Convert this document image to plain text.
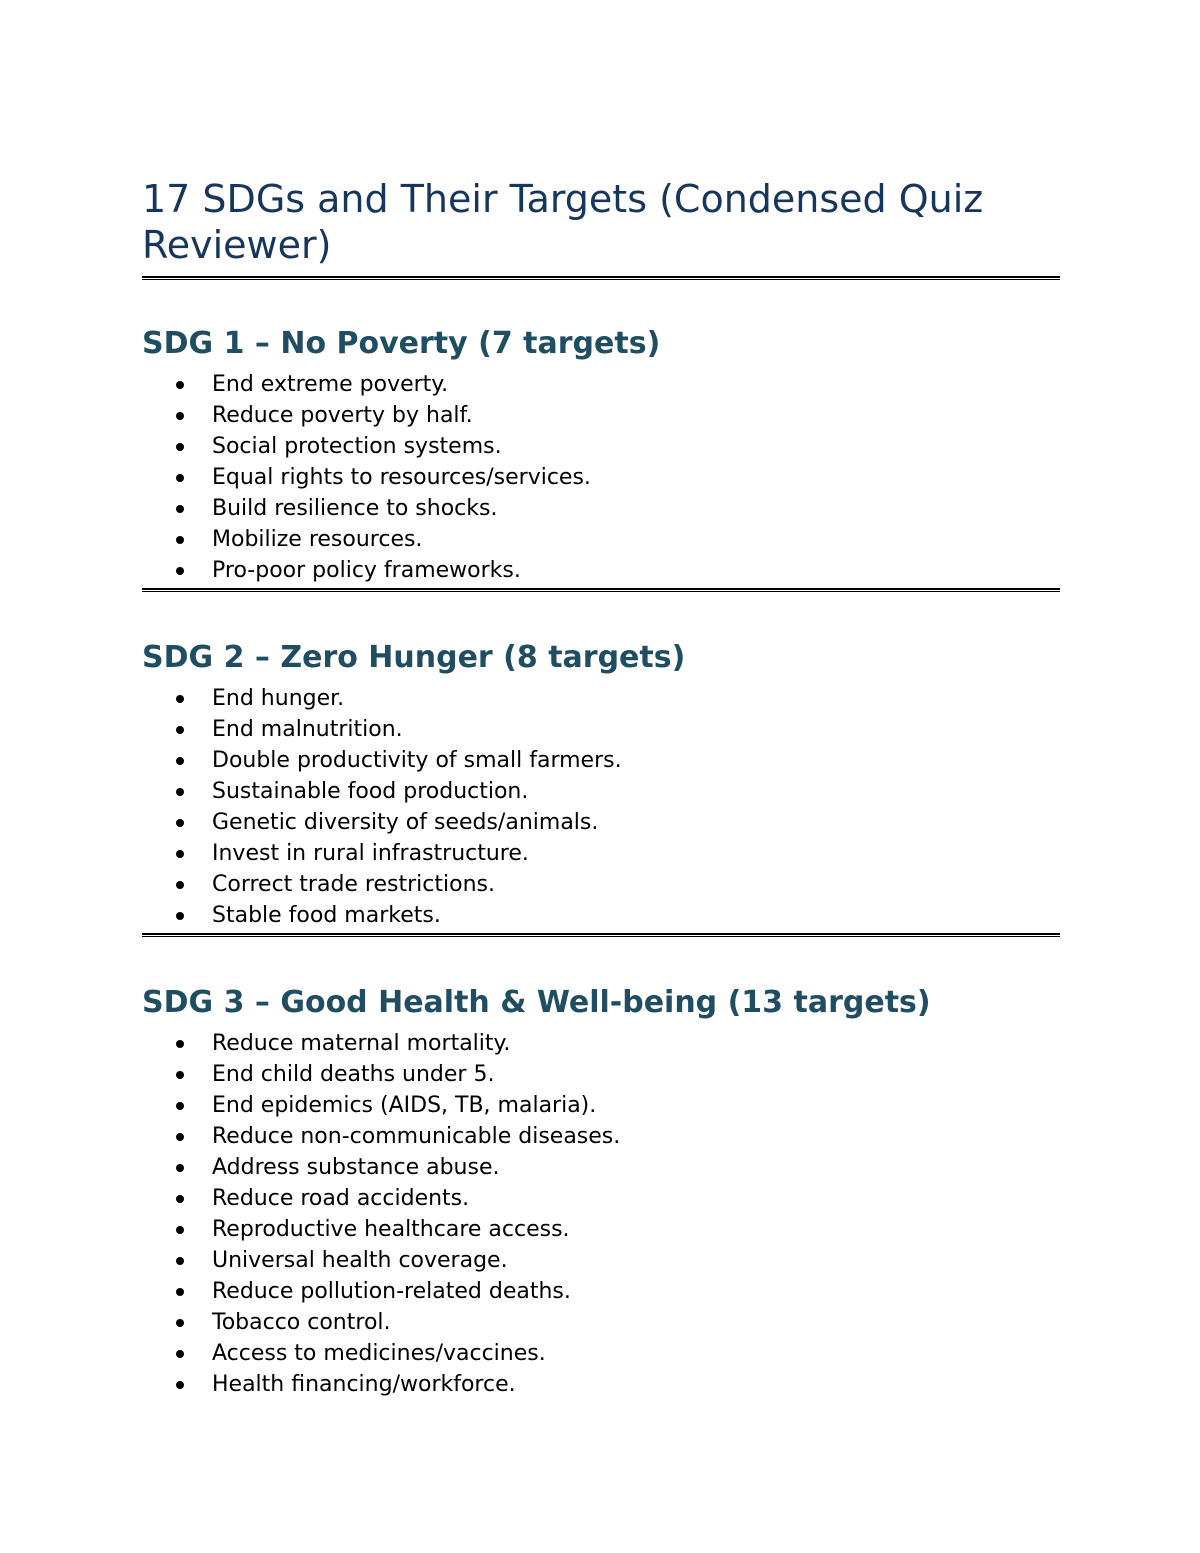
17 SDGs and Their Targets (Condensed Quiz Reviewer)
SDG 1 – No Poverty (7 targets)
End extreme poverty.
Reduce poverty by half.
Social protection systems.
Equal rights to resources/services.
Build resilience to shocks.
Mobilize resources.
Pro-poor policy frameworks.
SDG 2 – Zero Hunger (8 targets)
End hunger.
End malnutrition.
Double productivity of small farmers.
Sustainable food production.
Genetic diversity of seeds/animals.
Invest in rural infrastructure.
Correct trade restrictions.
Stable food markets.
SDG 3 – Good Health & Well-being (13 targets)
Reduce maternal mortality.
End child deaths under 5.
End epidemics (AIDS, TB, malaria).
Reduce non-communicable diseases.
Address substance abuse.
Reduce road accidents.
Reproductive healthcare access.
Universal health coverage.
Reduce pollution-related deaths.
Tobacco control.
Access to medicines/vaccines.
Health financing/workforce.
